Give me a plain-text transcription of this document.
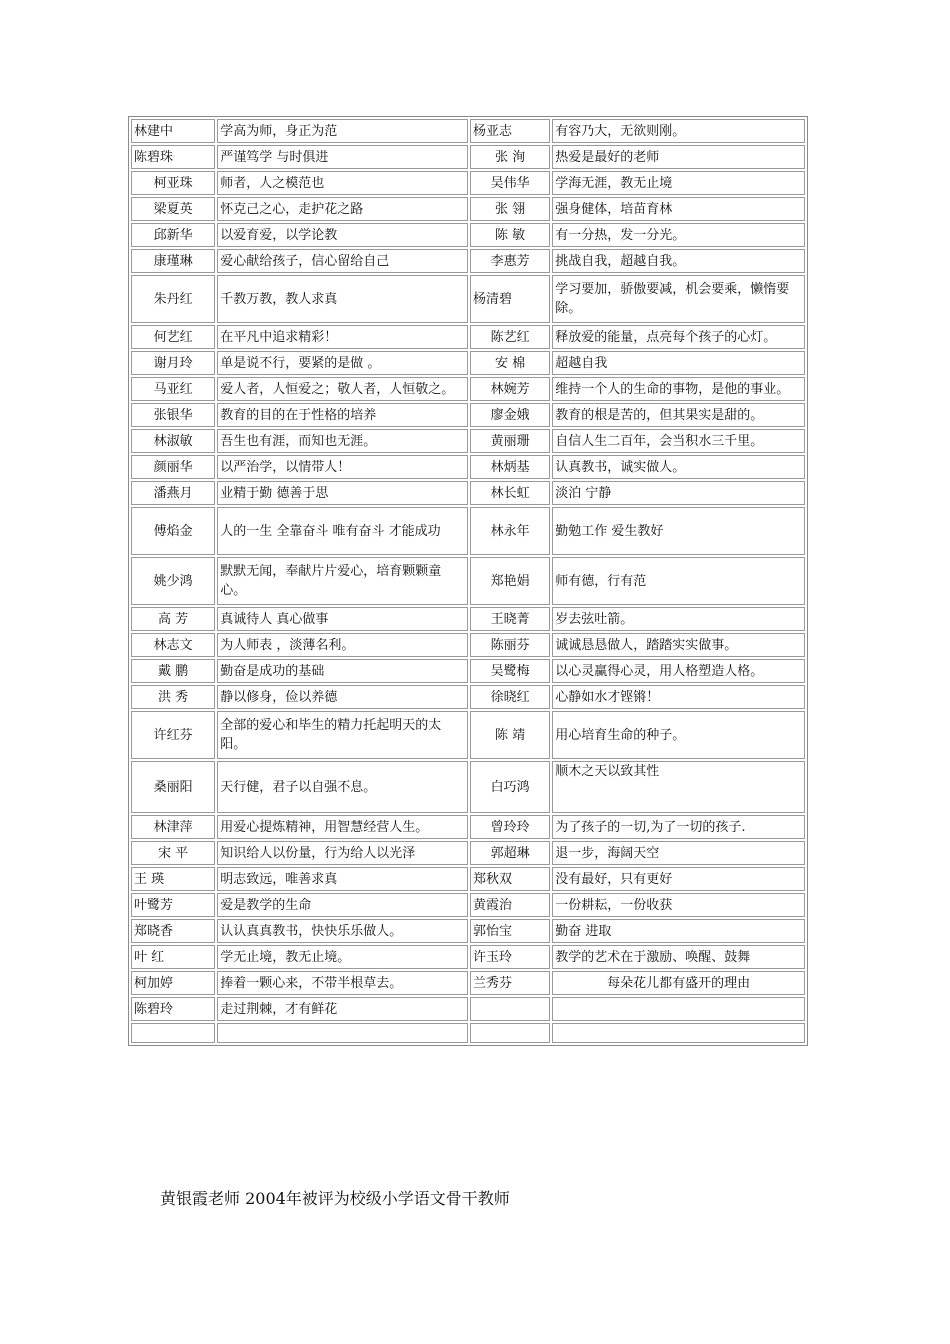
林建中	学高为师，身正为范	杨亚志	有容乃大，无欲则刚。
陈碧珠	严谨笃学 与时俱进	张 洵	热爱是最好的老师
柯亚珠	师者，人之模范也	吴伟华	学海无涯，教无止境
梁夏英	怀克己之心，走护花之路	张 翎	强身健体，培苗育林
邱新华	以爱育爱，以学论教	陈 敏	有一分热，发一分光。
康瑾琳	爱心献给孩子，信心留给自己	李惠芳	挑战自我，超越自我。
朱丹红	千教万教，教人求真	杨清碧	学习要加，骄傲要减，机会要乘，懒惰要除。
何艺红	在平凡中追求精彩！	陈艺红	释放爱的能量，点亮每个孩子的心灯。
谢月玲	单是说不行，要紧的是做 。	安 棉	超越自我
马亚红	爱人者，人恒爱之；敬人者，人恒敬之。	林婉芳	维持一个人的生命的事物，是他的事业。
张银华	教育的目的在于性格的培养	廖金娥	教育的根是苦的，但其果实是甜的。
林淑敏	吾生也有涯，而知也无涯。	黄丽珊	自信人生二百年，会当积水三千里。
颜丽华	以严治学，以情带人！	林炳基	认真教书，诚实做人。
潘燕月	业精于勤 德善于思	林长虹	淡泊 宁静
傅焰金	人的一生 全靠奋斗 唯有奋斗 才能成功	林永年	勤勉工作 爱生教好
姚少鸿	默默无闻，奉献片片爱心，培育颗颗童心。	郑艳娟	师有德，行有范
高 芳	真诚待人 真心做事	王晓菁	岁去弦吐箭。
林志文	为人师表 ，淡薄名利。	陈丽芬	诚诚恳恳做人，踏踏实实做事。
戴 鹏	勤奋是成功的基础	吴鹭梅	以心灵赢得心灵，用人格塑造人格。
洪 秀	静以修身，俭以养德	徐晓红	心静如水才铿锵！
许红芬	全部的爱心和毕生的精力托起明天的太阳。	陈 靖	用心培育生命的种子。
桑丽阳	天行健，君子以自强不息。	白巧鸿	顺木之天以致其性
林津萍	用爱心提炼精神，用智慧经营人生。	曾玲玲	为了孩子的一切,为了一切的孩子.
宋 平	知识给人以份量，行为给人以光泽	郭超琳	退一步，海阔天空
王 瑛	明志致远，唯善求真	郑秋双	没有最好，只有更好
叶鹭芳	爱是教学的生命	黄霞治	一份耕耘，一份收获
郑晓香	认认真真教书，快快乐乐做人。	郭怡宝	勤奋 进取
叶 红	学无止境，教无止境。	许玉玲	教学的艺术在于激励、唤醒、鼓舞
柯加婷	捧着一颗心来，不带半根草去。	兰秀芬	每朵花儿都有盛开的理由
陈碧玲	走过荆棘，才有鲜花		

黄银霞老师 2004年被评为校级小学语文骨干教师
